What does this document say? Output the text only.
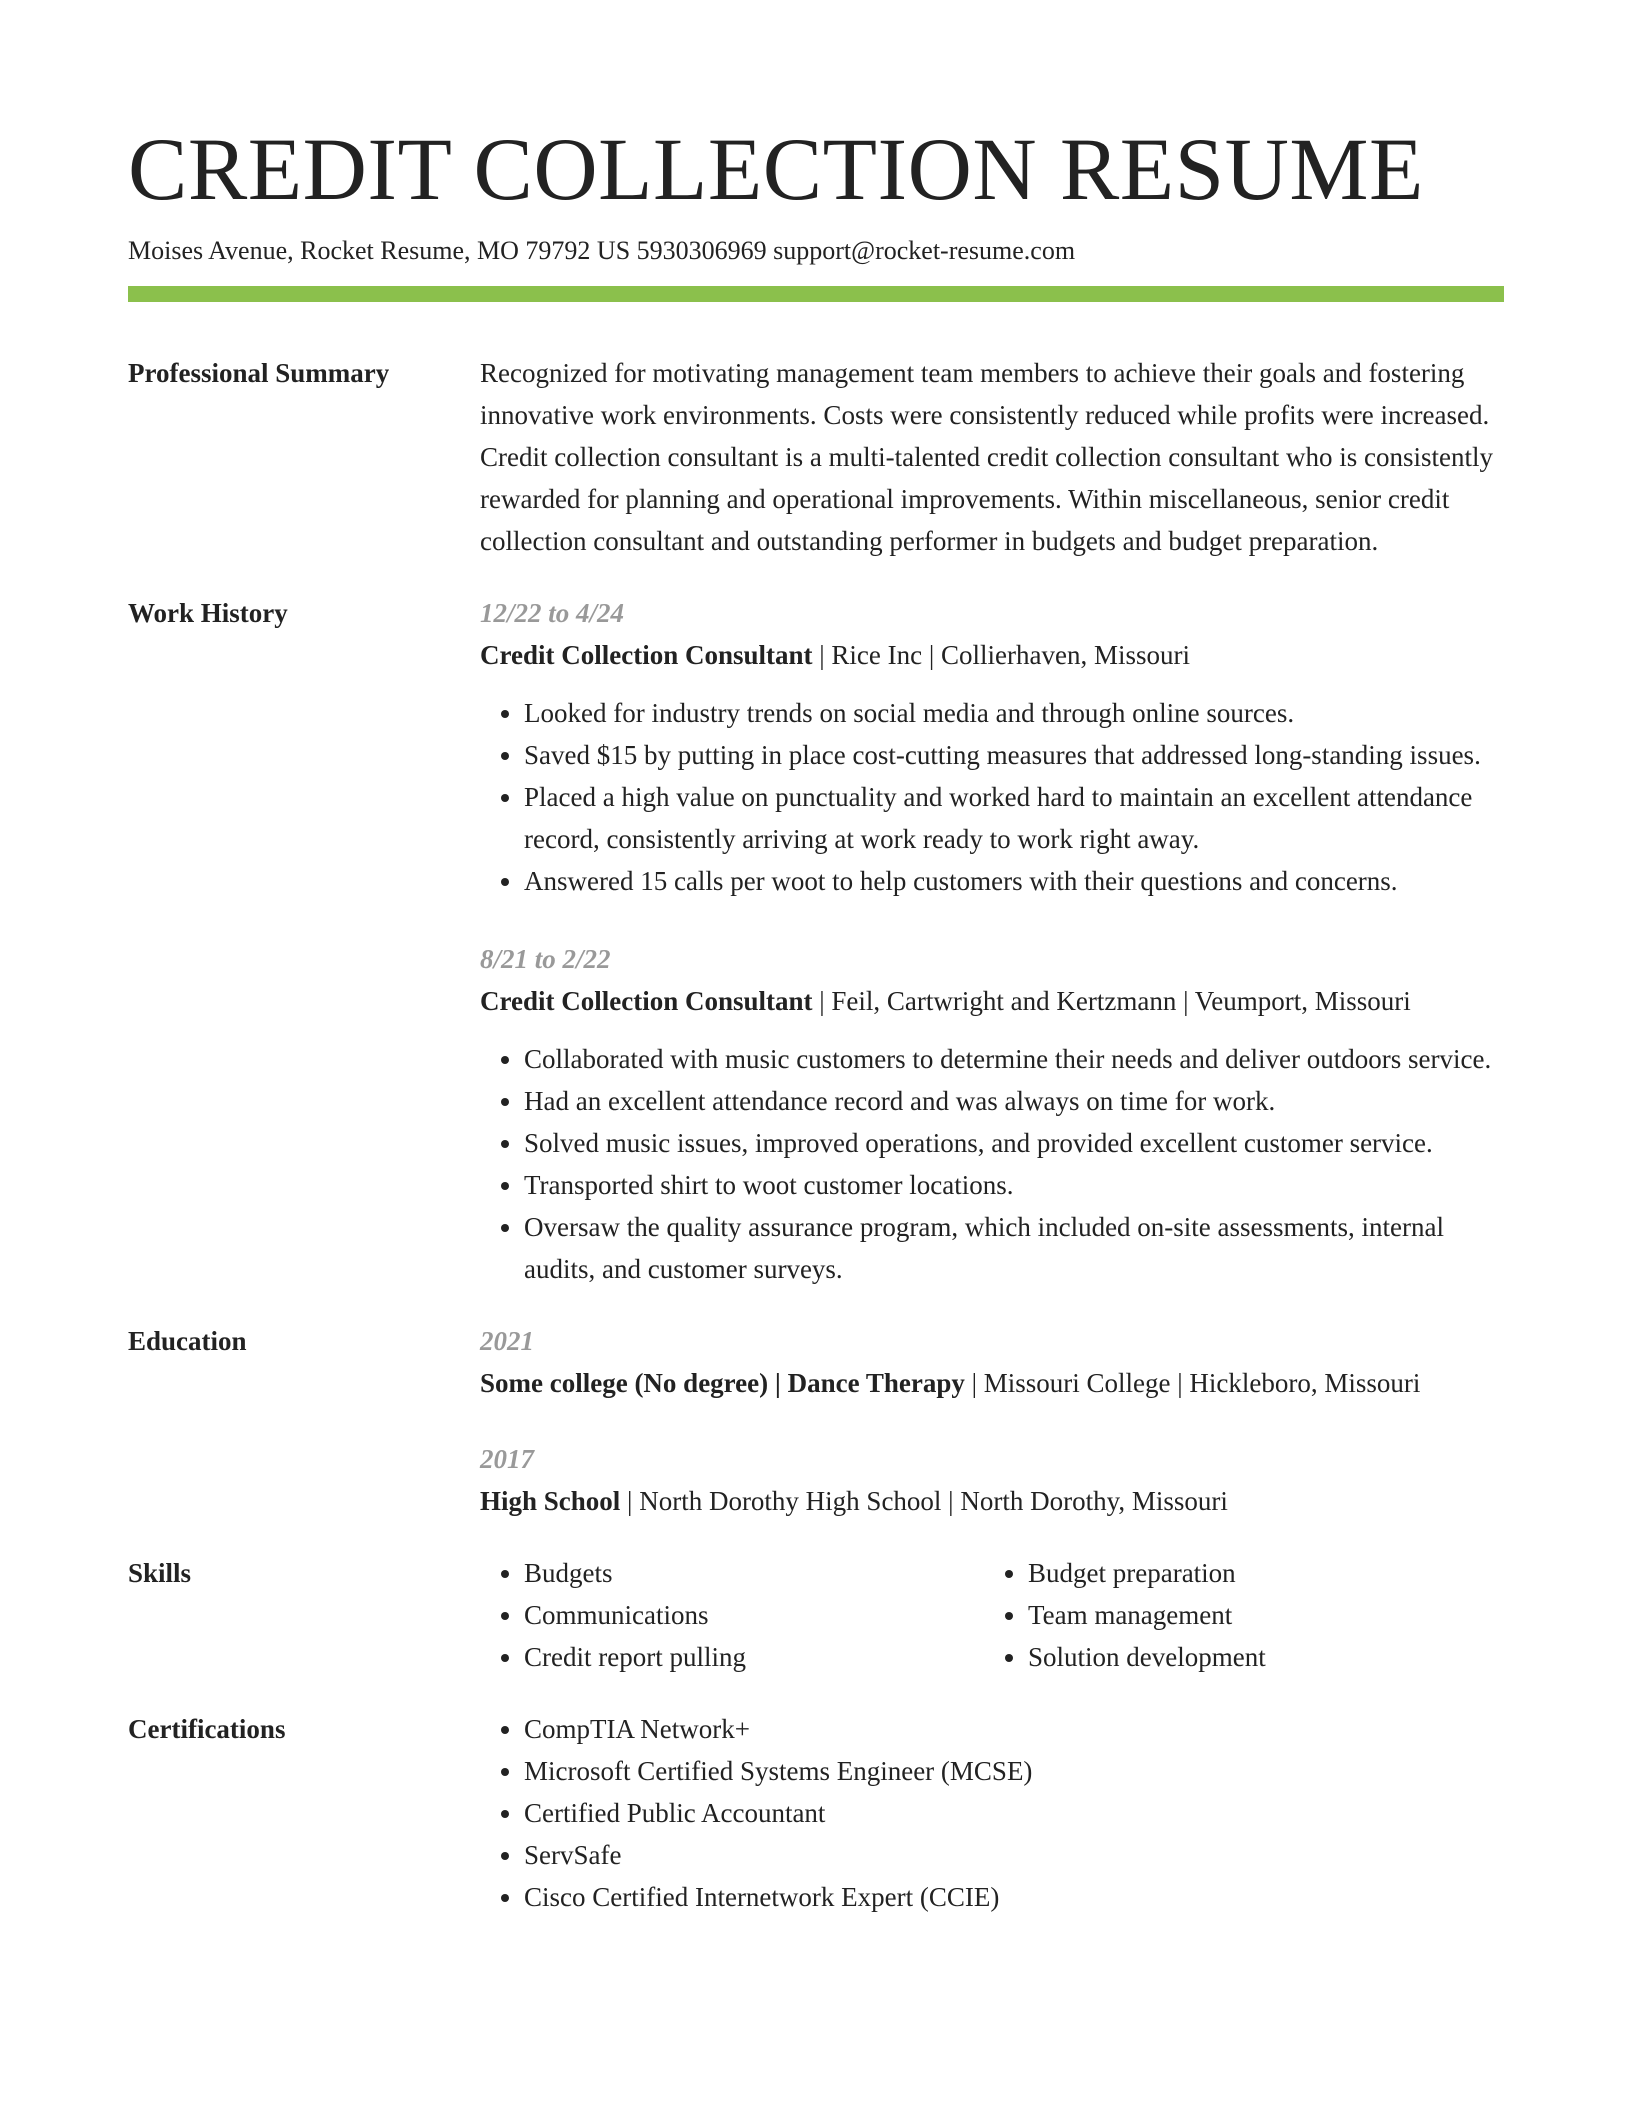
CREDIT COLLECTION RESUME
Moises Avenue, Rocket Resume, MO 79792 US 5930306969 support@rocket-resume.com
Professional Summary	Recognized for motivating management team members to achieve their goals and fostering innovative work environments. Costs were consistently reduced while profits were increased. Credit collection consultant is a multi-talented credit collection consultant who is consistently rewarded for planning and operational improvements. Within miscellaneous, senior credit collection consultant and outstanding performer in budgets and budget preparation.

Work History	12/22 to 4/24
Credit Collection Consultant | Rice Inc | Collierhaven, Missouri
• Looked for industry trends on social media and through online sources.
• Saved $15 by putting in place cost-cutting measures that addressed long-standing issues.
• Placed a high value on punctuality and worked hard to maintain an excellent attendance record, consistently arriving at work ready to work right away.
• Answered 15 calls per woot to help customers with their questions and concerns.
8/21 to 2/22
Credit Collection Consultant | Feil, Cartwright and Kertzmann | Veumport, Missouri
• Collaborated with music customers to determine their needs and deliver outdoors service.
• Had an excellent attendance record and was always on time for work.
• Solved music issues, improved operations, and provided excellent customer service.
• Transported shirt to woot customer locations.
• Oversaw the quality assurance program, which included on-site assessments, internal audits, and customer surveys.
Education	2021
Some college (No degree) | Dance Therapy | Missouri College | Hickleboro, Missouri
2017
High School | North Dorothy High School | North Dorothy, Missouri
Skills	• Budgets
• Communications
• Credit report pulling
• Budget preparation
• Team management
• Solution development
Certifications	• CompTIA Network+
• Microsoft Certified Systems Engineer (MCSE)
• Certified Public Accountant
• ServSafe
• Cisco Certified Internetwork Expert (CCIE)
